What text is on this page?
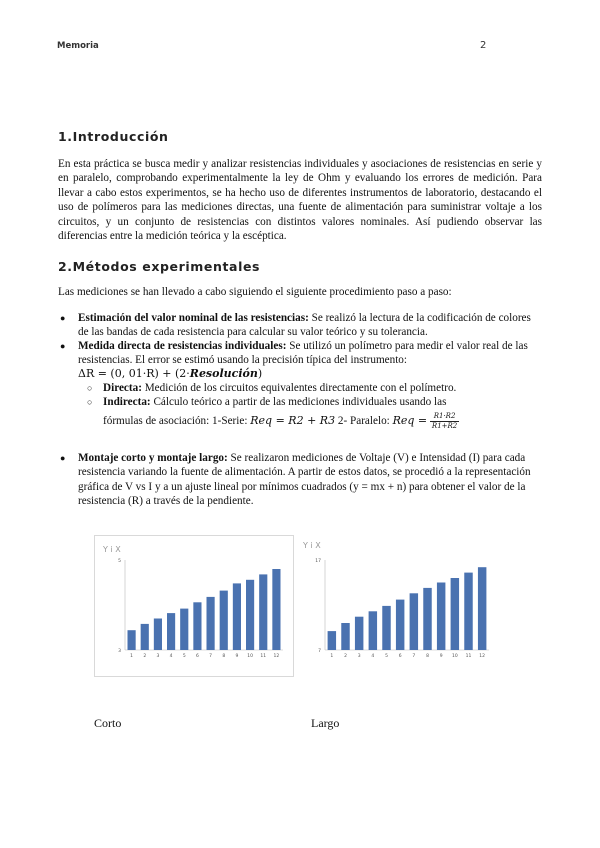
Memoria	2
1.Introducción

En esta práctica se busca medir y analizar resistencias individuales y asociaciones de resistencias en serie y en paralelo, comprobando experimentalmente la ley de Ohm y evaluando los errores de medición. Para llevar a cabo estos experimentos, se ha hecho uso de diferentes instrumentos de laboratorio, destacando el uso de polímeros para las mediciones directas, una fuente de alimentación para suministrar voltaje a los circuitos, y un conjunto de resistencias con distintos valores nominales. Así pudiendo observar las diferencias entre la medición teórica y la escéptica.

2.Métodos experimentales

Las mediciones se han llevado a cabo siguiendo el siguiente procedimiento paso a paso:

● Estimación del valor nominal de las resistencias: Se realizó la lectura de la codificación de colores de las bandas de cada resistencia para calcular su valor teórico y su tolerancia.
● Medida directa de resistencias individuales: Se utilizó un polímetro para medir el valor real de las resistencias. El error se estimó usando la precisión típica del instrumento:
ΔR = (0, 01·R) + (2·Resolución)
○ Directa: Medición de los circuitos equivalentes directamente con el polímetro.
○ Indirecta: Cálculo teórico a partir de las mediciones individuales usando las
fórmulas de asociación: 1-Serie: Req = R2 + R3 2- Paralelo: Req = $\frac{R1\cdot R2}{R1+R2}$
● Montaje corto y montaje largo: Se realizaron mediciones de Voltaje (V) e Intensidad (I) para cada resistencia variando la fuente de alimentación. A partir de estos datos, se procedió a la representación gráfica de V vs I y a un ajuste lineal por mínimos cuadrados (y = mx + n) para obtener el valor de la resistencia (R) a través de la pendiente.
Y i X
5
3
1 2 3 4 5 6 7 8 9 10 11 12
Y i X
17
7
1 2 3 4 5 6 7 8 9 10 11 12
Corto	Largo
